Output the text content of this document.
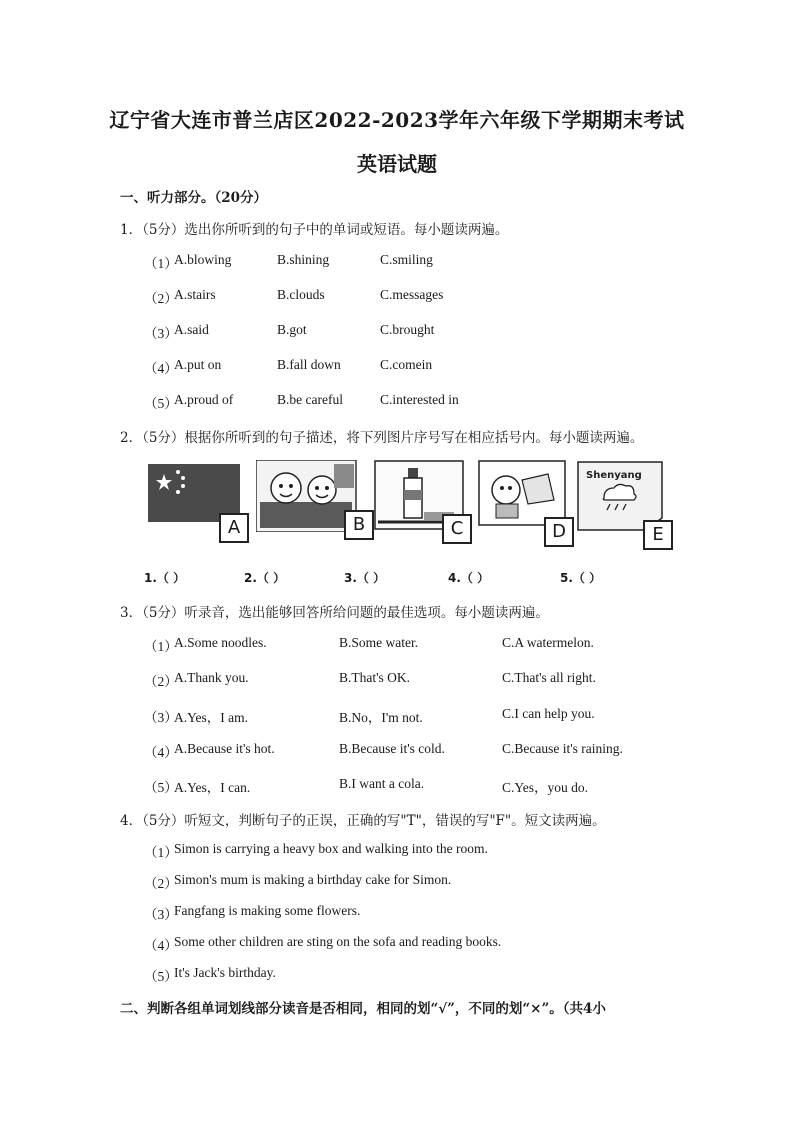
辽宁省大连市普兰店区2022-2023学年六年级下学期期末考试
英语试题
一、听力部分。（20分）
1．（5分）选出你所听到的句子中的单词或短语。每小题读两遍。
（1）
A.blowing	B.shining	C.smiling
（2）
A.stairs	B.clouds	C.messages
（3）
A.said	B.got	C.brought
（4）
A.put on	B.fall down	C.comein
（5）
A.proud of	B.be careful	C.interested in
2．（5分）根据你所听到的句子描述，将下列图片序号写在相应括号内。每小题读两遍。
A	B	C	D
Shenyang
E
1.（ ）	2.（ ）	3.（ ）	4.（ ）	5.（ ）
3．（5分）听录音，选出能够回答所给问题的最佳选项。每小题读两遍。
（1）
A.Some noodles.	B.Some water.	C.A watermelon.
（2）
A.Thank you.	B.That's OK.	C.That's all right.
（3）
A.Yes，I am.	B.No，I'm not.	C.I can help you.
（4）
A.Because it's hot.	B.Because it's cold.	C.Because it's raining.
（5）
A.Yes，I can.	B.I want a cola.	C.Yes，you do.
4．（5分）听短文，判断句子的正误，正确的写"T"，错误的写"F"。短文读两遍。
（1）
Simon is carrying a heavy box and walking into the room.
（2）
Simon's mum is making a birthday cake for Simon.
（3）
Fangfang is making some flowers.
（4）
Some other children are sting on the sofa and reading books.
（5）
It's Jack's birthday.
二、判断各组单词划线部分读音是否相同，相同的划“√”，不同的划“×”。（共4小
